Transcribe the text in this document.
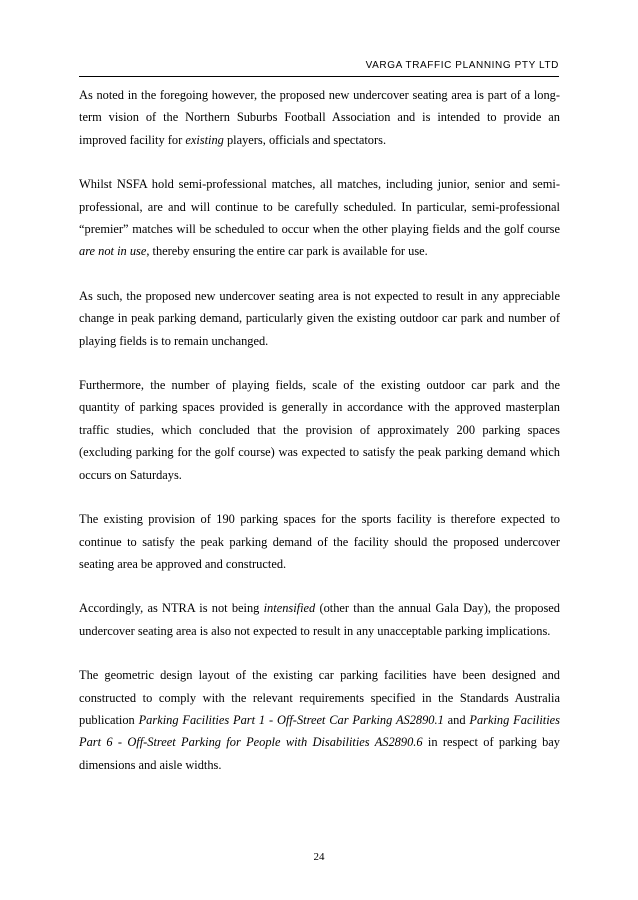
VARGA TRAFFIC PLANNING PTY LTD

As noted in the foregoing however, the proposed new undercover seating area is part of a long-term vision of the Northern Suburbs Football Association and is intended to provide an improved facility for existing players, officials and spectators.

Whilst NSFA hold semi-professional matches, all matches, including junior, senior and semi-professional, are and will continue to be carefully scheduled. In particular, semi-professional “premier” matches will be scheduled to occur when the other playing fields and the golf course are not in use, thereby ensuring the entire car park is available for use.

As such, the proposed new undercover seating area is not expected to result in any appreciable change in peak parking demand, particularly given the existing outdoor car park and number of playing fields is to remain unchanged.

Furthermore, the number of playing fields, scale of the existing outdoor car park and the quantity of parking spaces provided is generally in accordance with the approved masterplan traffic studies, which concluded that the provision of approximately 200 parking spaces (excluding parking for the golf course) was expected to satisfy the peak parking demand which occurs on Saturdays.

The existing provision of 190 parking spaces for the sports facility is therefore expected to continue to satisfy the peak parking demand of the facility should the proposed undercover seating area be approved and constructed.

Accordingly, as NTRA is not being intensified (other than the annual Gala Day), the proposed undercover seating area is also not expected to result in any unacceptable parking implications.

The geometric design layout of the existing car parking facilities have been designed and constructed to comply with the relevant requirements specified in the Standards Australia publication Parking Facilities Part 1 - Off-Street Car Parking AS2890.1 and Parking Facilities Part 6 - Off-Street Parking for People with Disabilities AS2890.6 in respect of parking bay dimensions and aisle widths.

24
